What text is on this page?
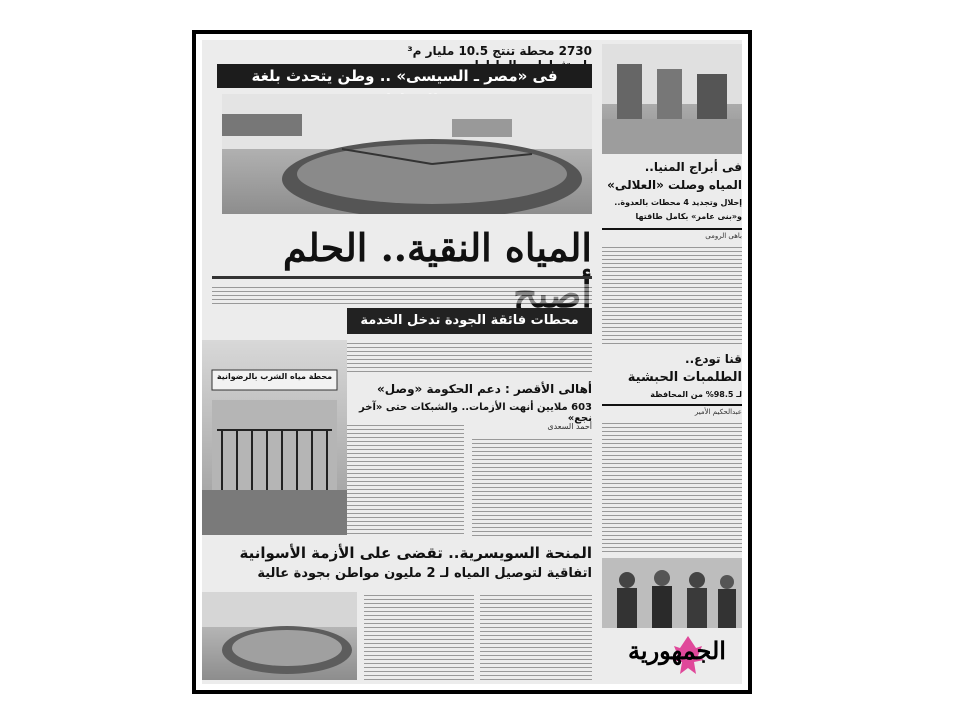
2730 محطة تنتج 10.5 مليار م³
فى «مصر ـ السيسى» .. وطن يتحدث بلغة
المياه النقية.. الحلم
محطات فائقة الجودة تدخل الخدمة
محطة مياه الشرب بالرضوانية
أهالى الأقصر : دعم الحكومة «وصل»
603 ملايين أنهت الأزمات.. والشبكات حتى «آخر نجع»
أحمد السعدى
المنحة السويسرية.. تقضى على الأزمة الأسوانية
اتفاقية لتوصيل المياه لـ 2 مليون مواطن بجودة عالية
فى أبراج المنيا..
المياه وصلت «العلالى»
إحلال وتجديد 4 محطات بالعدوة..
و«بنى عامر» بكامل طاقتها
باهى الرومى
قنا تودع..
الطلمبات الحبشية
لـ 98.5% من المحافظة
عبدالحكيم الأمير
الجمهورية
